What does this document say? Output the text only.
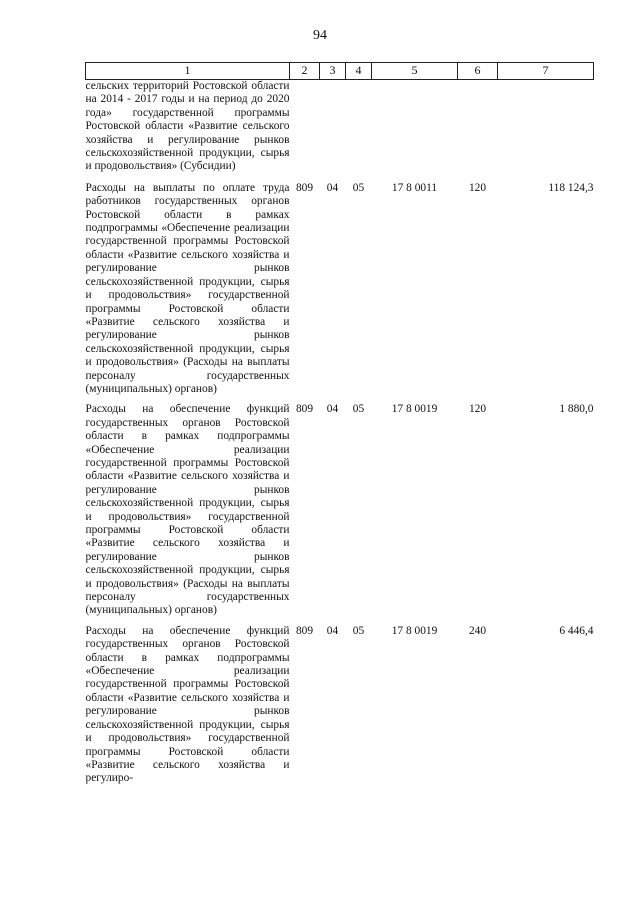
94
1	2	3	4	5	6	7

сельских территорий Ростовской области на 2014 - 2017 годы и на период до 2020 года» государственной программы Ростовской области «Развитие сельского хозяйства и регулирование рынков сельскохозяйственной продукции, сырья и продовольствия» (Субсидии)						

Расходы на выплаты по оплате труда работников государственных органов Ростовской области в рамках подпрограммы «Обеспечение реализации государственной программы Ростовской области «Развитие сельского хозяйства и регулирование рынков сельскохозяйственной продукции, сырья и продовольствия» государственной программы Ростовской области «Развитие сельского хозяйства и регулирование рынков сельскохозяйственной продукции, сырья и продовольствия» (Расходы на выплаты персоналу государственных (муниципальных) органов)	809	04	05	17 8 0011	120	118 124,3

Расходы на обеспечение функций государственных органов Ростовской области в рамках подпрограммы «Обеспечение реализации государственной программы Ростовской области «Развитие сельского хозяйства и регулирование рынков сельскохозяйственной продукции, сырья и продовольствия» государственной программы Ростовской области «Развитие сельского хозяйства и регулирование рынков сельскохозяйственной продукции, сырья и продовольствия» (Расходы на выплаты персоналу государственных (муниципальных) органов)	809	04	05	17 8 0019	120	1 880,0

Расходы на обеспечение функций государственных органов Ростовской области в рамках подпрограммы «Обеспечение реализации государственной программы Ростовской области «Развитие сельского хозяйства и регулирование рынков сельскохозяйственной продукции, сырья и продовольствия» государственной программы Ростовской области «Развитие сельского хозяйства и регулиро-	809	04	05	17 8 0019	240	6 446,4
